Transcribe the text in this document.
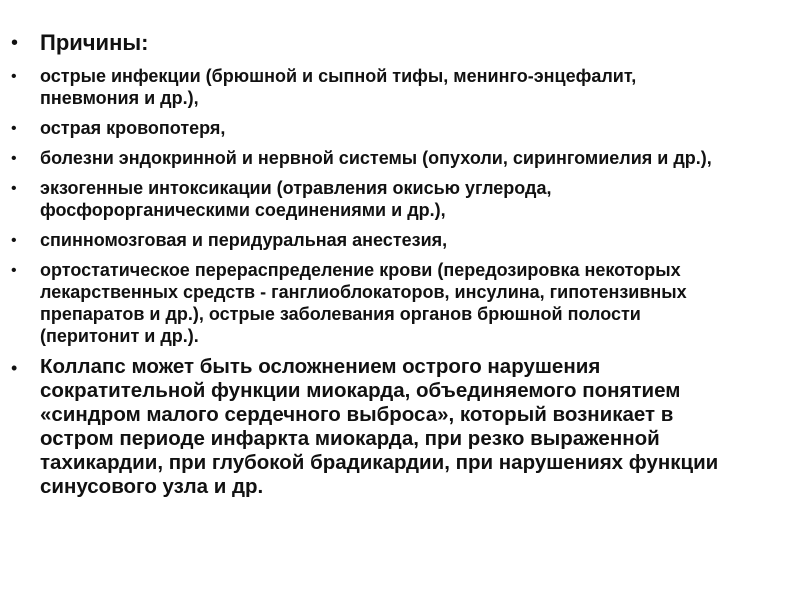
• Причины:
• острые инфекции (брюшной и сыпной тифы, менинго-энцефалит, пневмония и др.),
• острая кровопотеря,
• болезни эндокринной и нервной системы (опухоли, сирингомиелия и др.),
• экзогенные интоксикации (отравления окисью углерода, фосфорорганическими соединениями и др.),
• спинномозговая и перидуральная анестезия,
• ортостатическое перераспределение крови (передозировка некоторых лекарственных средств - ганглиоблокаторов, инсулина, гипотензивных препаратов и др.), острые заболевания органов брюшной полости (перитонит и др.).
• Коллапс может быть осложнением острого нарушения сократительной функции миокарда, объединяемого понятием «синдром малого сердечного выброса», который возникает в остром периоде инфаркта миокарда, при резко выраженной тахикардии, при глубокой брадикардии, при нарушениях функции синусового узла и др.
